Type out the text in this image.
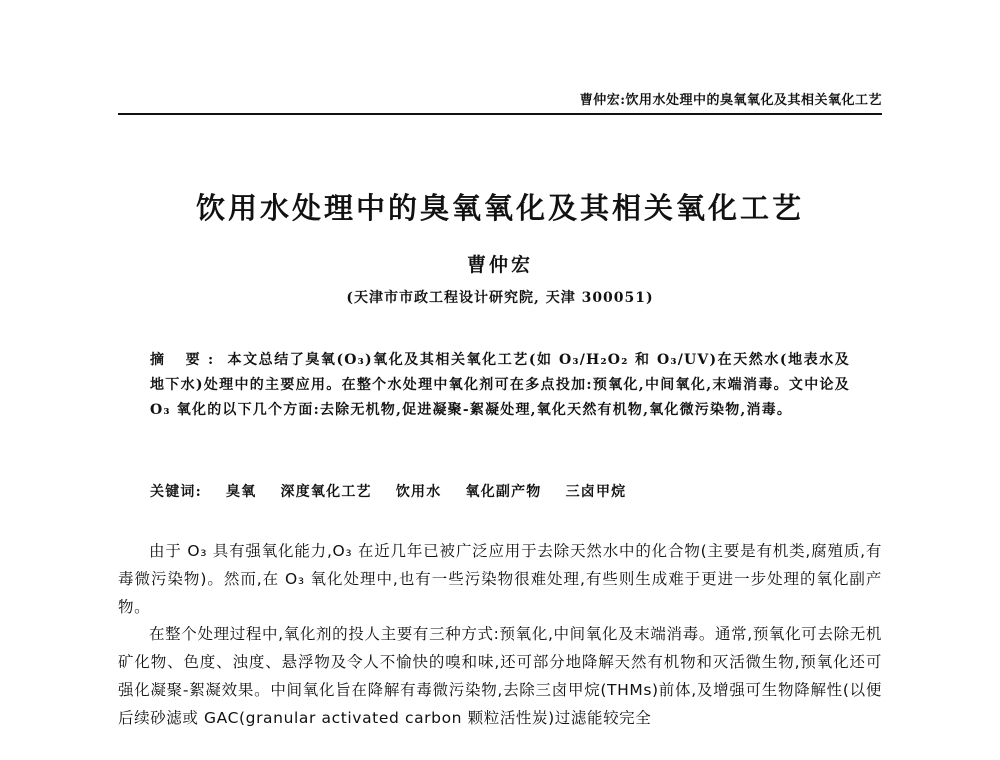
曹仲宏:饮用水处理中的臭氧氧化及其相关氧化工艺
饮用水处理中的臭氧氧化及其相关氧化工艺
曹仲宏
(天津市市政工程设计研究院, 天津 300051)
摘 要: 本文总结了臭氧(O₃)氧化及其相关氧化工艺(如 O₃/H₂O₂ 和 O₃/UV)在天然水(地表水及地下水)处理中的主要应用。在整个水处理中氧化剂可在多点投加:预氧化,中间氧化,末端消毒。文中论及 O₃ 氧化的以下几个方面:去除无机物,促进凝聚-絮凝处理,氧化天然有机物,氧化微污染物,消毒。
关键词: 臭氧 深度氧化工艺 饮用水 氧化副产物 三卤甲烷

由于 O₃ 具有强氧化能力,O₃ 在近几年已被广泛应用于去除天然水中的化合物(主要是有机类,腐殖质,有毒微污染物)。然而,在 O₃ 氧化处理中,也有一些污染物很难处理,有些则生成难于更进一步处理的氧化副产物。

在整个处理过程中,氧化剂的投人主要有三种方式:预氧化,中间氧化及末端消毒。通常,预氧化可去除无机矿化物、色度、浊度、悬浮物及令人不愉快的嗅和味,还可部分地降解天然有机物和灭活微生物,预氧化还可强化凝聚-絮凝效果。中间氧化旨在降解有毒微污染物,去除三卤甲烷(THMs)前体,及增强可生物降解性(以便后续砂滤或 GAC(granular activated carbon 颗粒活性炭)过滤能较完全
